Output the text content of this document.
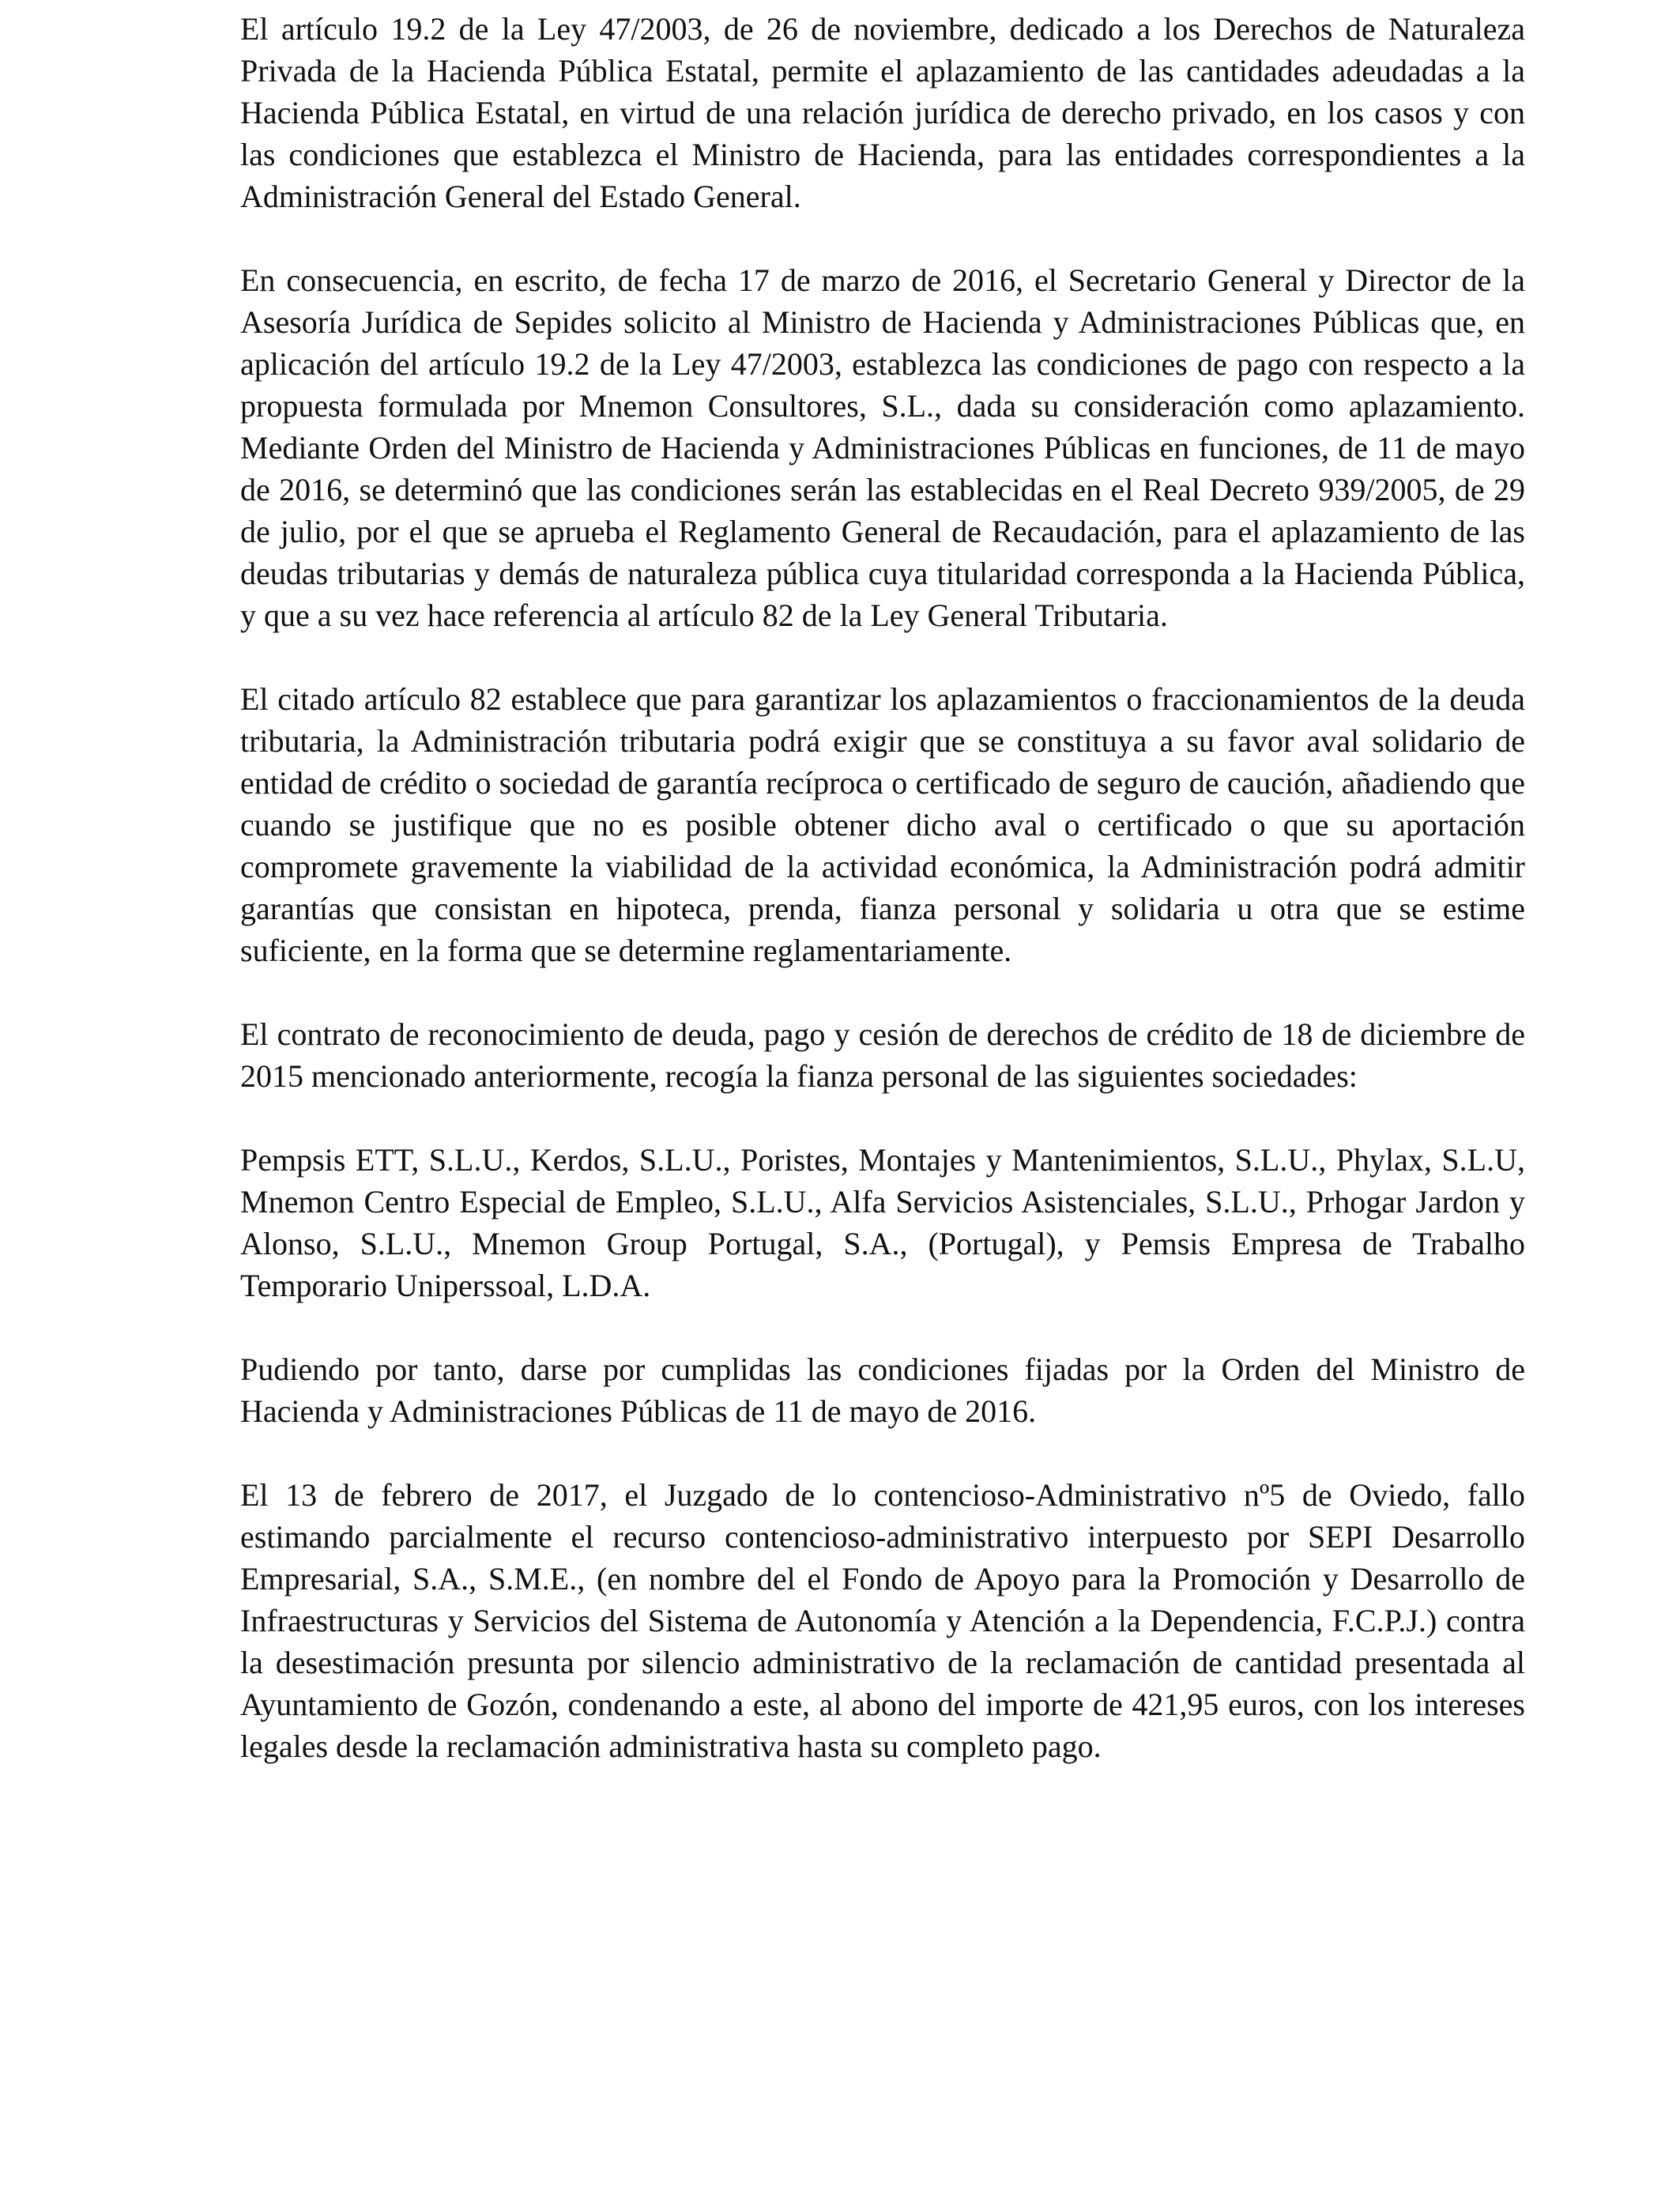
El artículo 19.2 de la Ley 47/2003, de 26 de noviembre, dedicado a los Derechos de Naturaleza Privada de la Hacienda Pública Estatal, permite el aplazamiento de las cantidades adeudadas a la Hacienda Pública Estatal, en virtud de una relación jurídica de derecho privado, en los casos y con las condiciones que establezca el Ministro de Hacienda, para las entidades correspondientes a la Administración General del Estado General.

En consecuencia, en escrito, de fecha 17 de marzo de 2016, el Secretario General y Director de la Asesoría Jurídica de Sepides solicito al Ministro de Hacienda y Administraciones Públicas que, en aplicación del artículo 19.2 de la Ley 47/2003, establezca las condiciones de pago con respecto a la propuesta formulada por Mnemon Consultores, S.L., dada su consideración como aplazamiento. Mediante Orden del Ministro de Hacienda y Administraciones Públicas en funciones, de 11 de mayo de 2016, se determinó que las condiciones serán las establecidas en el Real Decreto 939/2005, de 29 de julio, por el que se aprueba el Reglamento General de Recaudación, para el aplazamiento de las deudas tributarias y demás de naturaleza pública cuya titularidad corresponda a la Hacienda Pública, y que a su vez hace referencia al artículo 82 de la Ley General Tributaria.

El citado artículo 82 establece que para garantizar los aplazamientos o fraccionamientos de la deuda tributaria, la Administración tributaria podrá exigir que se constituya a su favor aval solidario de entidad de crédito o sociedad de garantía recíproca o certificado de seguro de caución, añadiendo que cuando se justifique que no es posible obtener dicho aval o certificado o que su aportación compromete gravemente la viabilidad de la actividad económica, la Administración podrá admitir garantías que consistan en hipoteca, prenda, fianza personal y solidaria u otra que se estime suficiente, en la forma que se determine reglamentariamente.

El contrato de reconocimiento de deuda, pago y cesión de derechos de crédito de 18 de diciembre de 2015 mencionado anteriormente, recogía la fianza personal de las siguientes sociedades:

Pempsis ETT, S.L.U., Kerdos, S.L.U., Poristes, Montajes y Mantenimientos, S.L.U., Phylax, S.L.U, Mnemon Centro Especial de Empleo, S.L.U., Alfa Servicios Asistenciales, S.L.U., Prhogar Jardon y Alonso, S.L.U., Mnemon Group Portugal, S.A., (Portugal), y Pemsis Empresa de Trabalho Temporario Uniperssoal, L.D.A.

Pudiendo por tanto, darse por cumplidas las condiciones fijadas por la Orden del Ministro de Hacienda y Administraciones Públicas de 11 de mayo de 2016.

El 13 de febrero de 2017, el Juzgado de lo contencioso-Administrativo nº5 de Oviedo, fallo estimando parcialmente el recurso contencioso-administrativo interpuesto por SEPI Desarrollo Empresarial, S.A., S.M.E., (en nombre del el Fondo de Apoyo para la Promoción y Desarrollo de Infraestructuras y Servicios del Sistema de Autonomía y Atención a la Dependencia, F.C.P.J.) contra la desestimación presunta por silencio administrativo de la reclamación de cantidad presentada al Ayuntamiento de Gozón, condenando a este, al abono del importe de 421,95 euros, con los intereses legales desde la reclamación administrativa hasta su completo pago.
